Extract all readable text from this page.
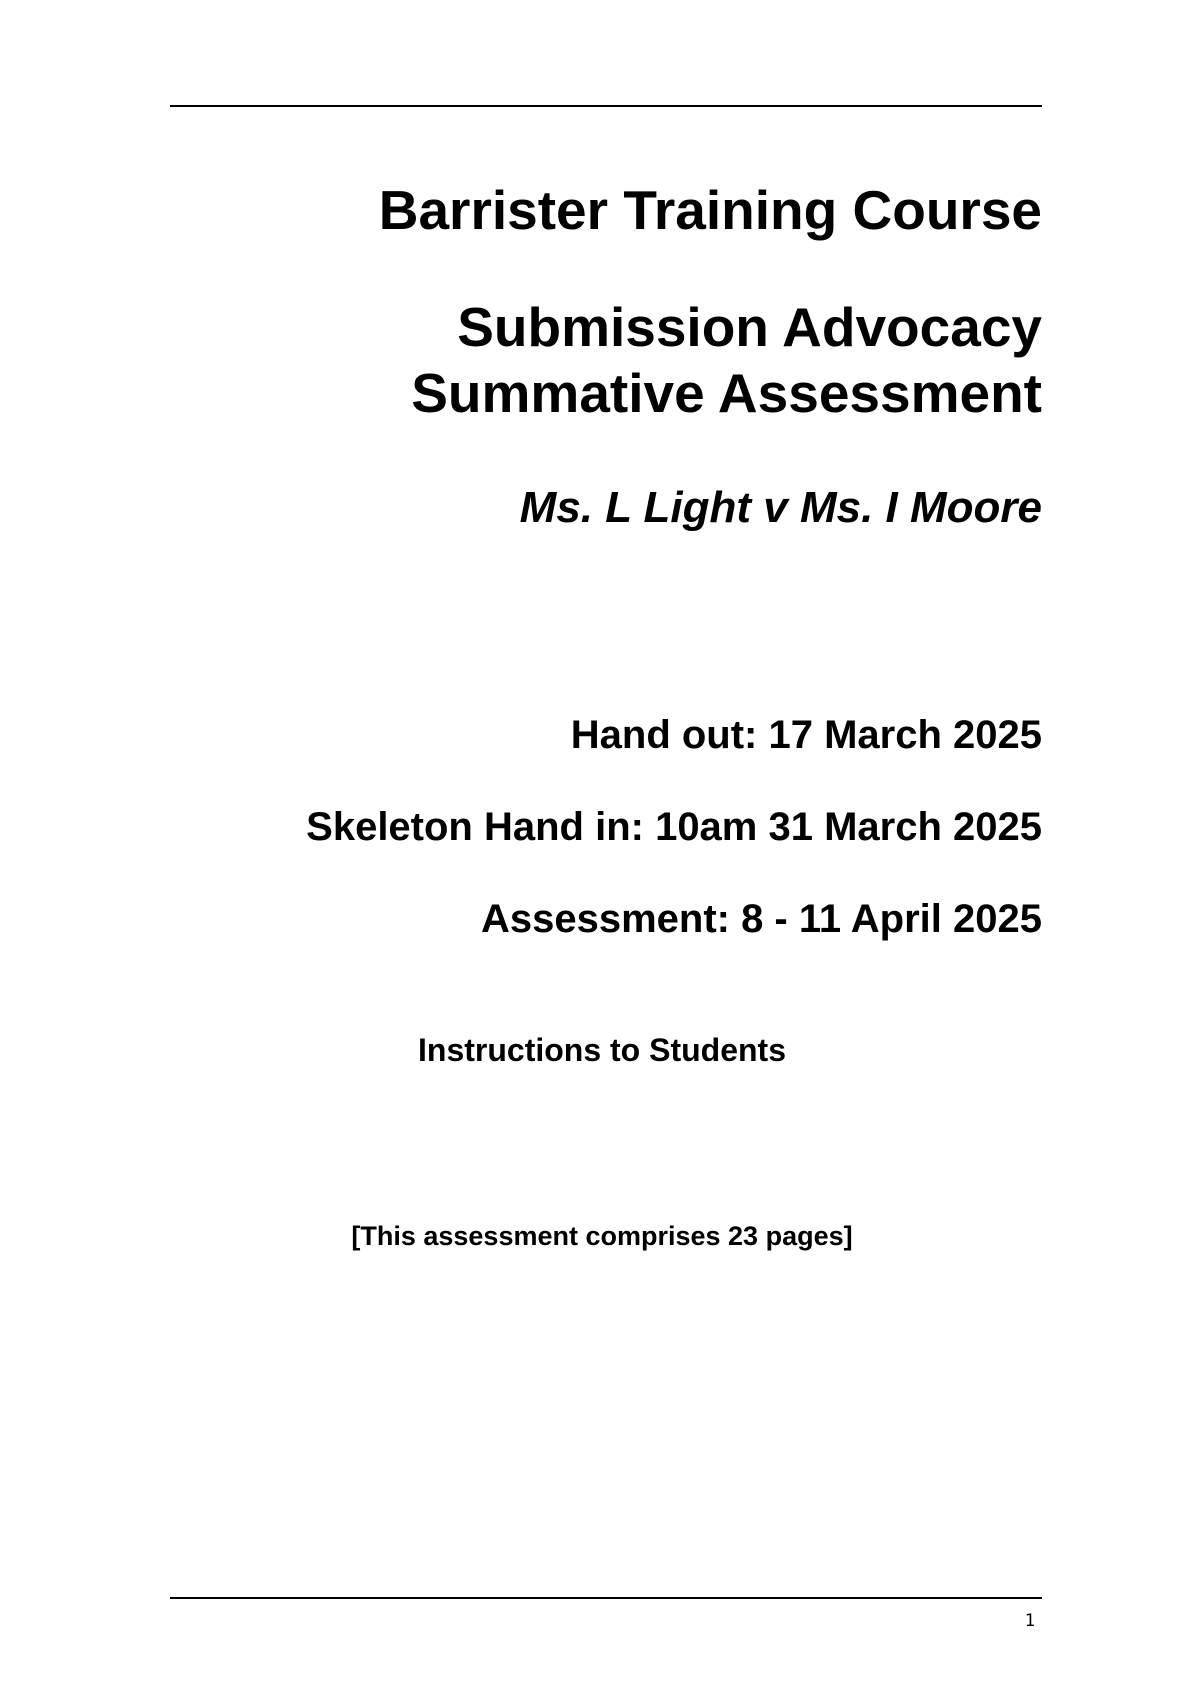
Barrister Training Course
Submission Advocacy
Summative Assessment
Ms. L Light v Ms. I Moore
Hand out: 17 March 2025
Skeleton Hand in: 10am 31 March 2025
Assessment: 8 - 11 April 2025
Instructions to Students
[This assessment comprises 23 pages]
1
